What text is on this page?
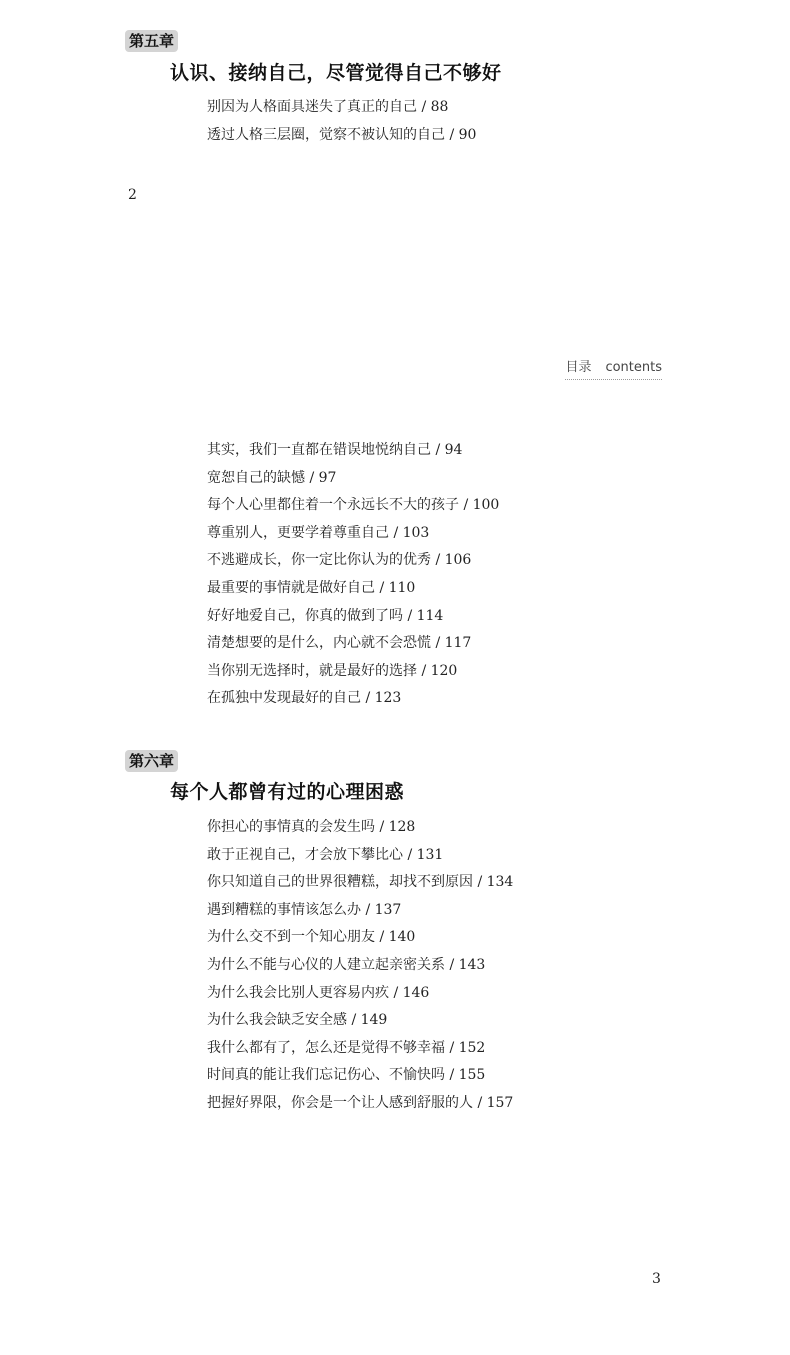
第五章
认识、接纳自己，尽管觉得自己不够好
别因为人格面具迷失了真正的自己 / 88
透过人格三层圈，觉察不被认知的自己 / 90
2
目录 contents
其实，我们一直都在错误地悦纳自己 / 94
宽恕自己的缺憾 / 97
每个人心里都住着一个永远长不大的孩子 / 100
尊重别人，更要学着尊重自己 / 103
不逃避成长，你一定比你认为的优秀 / 106
最重要的事情就是做好自己 / 110
好好地爱自己，你真的做到了吗 / 114
清楚想要的是什么，内心就不会恐慌 / 117
当你别无选择时，就是最好的选择 / 120
在孤独中发现最好的自己 / 123
第六章
每个人都曾有过的心理困惑
你担心的事情真的会发生吗 / 128
敢于正视自己，才会放下攀比心 / 131
你只知道自己的世界很糟糕，却找不到原因 / 134
遇到糟糕的事情该怎么办 / 137
为什么交不到一个知心朋友 / 140
为什么不能与心仪的人建立起亲密关系 / 143
为什么我会比别人更容易内疚 / 146
为什么我会缺乏安全感 / 149
我什么都有了，怎么还是觉得不够幸福 / 152
时间真的能让我们忘记伤心、不愉快吗 / 155
把握好界限，你会是一个让人感到舒服的人 / 157
3
